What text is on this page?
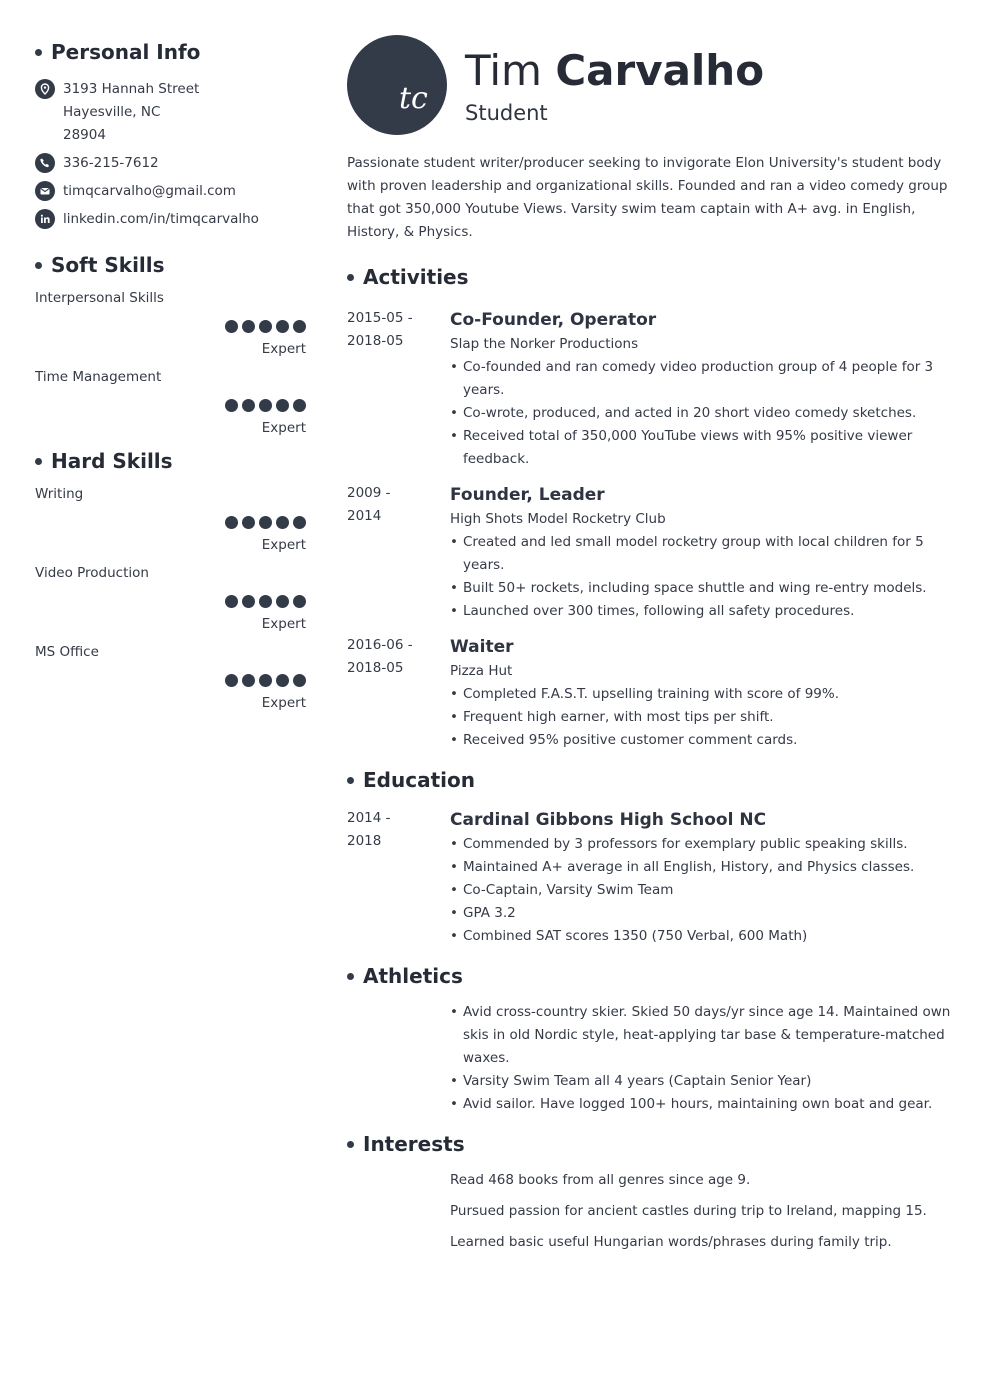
Personal Info
3193 Hannah Street
Hayesville, NC
28904
336-215-7612
timqcarvalho@gmail.com
linkedin.com/in/timqcarvalho
Soft Skills
Interpersonal Skills
Expert
Time Management
Expert
Hard Skills
Writing
Expert
Video Production
Expert
MS Office
Expert
tc
Tim Carvalho
Student

Passionate student writer/producer seeking to invigorate Elon University's student body with proven leadership and organizational skills. Founded and ran a video comedy group that got 350,000 Youtube Views. Varsity swim team captain with A+ avg. in English, History, & Physics.

Activities
2015-05 -
2018-05
Co-Founder, Operator
Slap the Norker Productions
• Co-founded and ran comedy video production group of 4 people for 3 years.
• Co-wrote, produced, and acted in 20 short video comedy sketches.
• Received total of 350,000 YouTube views with 95% positive viewer feedback.
2009 -
2014
Founder, Leader
High Shots Model Rocketry Club
• Created and led small model rocketry group with local children for 5 years.
• Built 50+ rockets, including space shuttle and wing re-entry models.
• Launched over 300 times, following all safety procedures.
2016-06 -
2018-05
Waiter
Pizza Hut
• Completed F.A.S.T. upselling training with score of 99%.
• Frequent high earner, with most tips per shift.
• Received 95% positive customer comment cards.
Education
2014 -
2018
Cardinal Gibbons High School NC
• Commended by 3 professors for exemplary public speaking skills.
• Maintained A+ average in all English, History, and Physics classes.
• Co-Captain, Varsity Swim Team
• GPA 3.2
• Combined SAT scores 1350 (750 Verbal, 600 Math)
Athletics
• Avid cross-country skier. Skied 50 days/yr since age 14. Maintained own skis in old Nordic style, heat-applying tar base & temperature-matched waxes.
• Varsity Swim Team all 4 years (Captain Senior Year)
• Avid sailor. Have logged 100+ hours, maintaining own boat and gear.
Interests
Read 468 books from all genres since age 9.
Pursued passion for ancient castles during trip to Ireland, mapping 15.
Learned basic useful Hungarian words/phrases during family trip.
